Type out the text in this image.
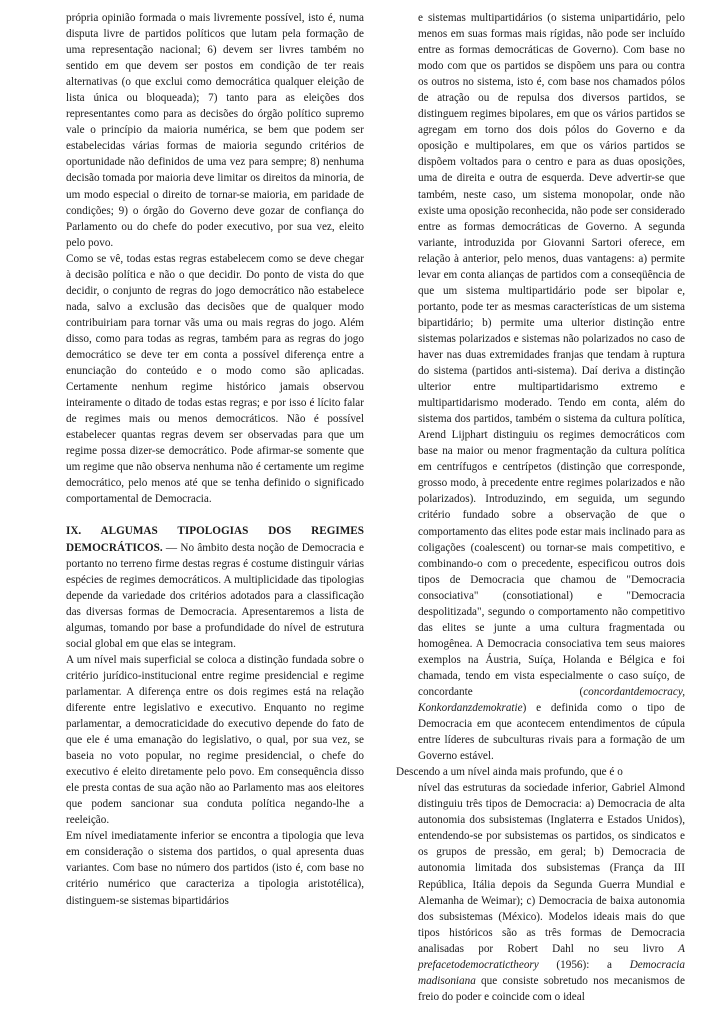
própria opinião formada o mais livremente possível, isto é, numa disputa livre de partidos políticos que lutam pela formação de uma representação nacional; 6) devem ser livres também no sentido em que devem ser postos em condição de ter reais alternativas (o que exclui como democrática qualquer eleição de lista única ou bloqueada); 7) tanto para as eleições dos representantes como para as decisões do órgão político supremo vale o princípio da maioria numérica, se bem que podem ser estabelecidas várias formas de maioria segundo critérios de oportunidade não definidos de uma vez para sempre; 8) nenhuma decisão tomada por maioria deve limitar os direitos da minoria, de um modo especial o direito de tornar-se maioria, em paridade de condições; 9) o órgão do Governo deve gozar de confiança do Parlamento ou do chefe do poder executivo, por sua vez, eleito pelo povo.

Como se vê, todas estas regras estabelecem como se deve chegar à decisão política e não o que decidir. Do ponto de vista do que decidir, o conjunto de regras do jogo democrático não estabelece nada, salvo a exclusão das decisões que de qualquer modo contribuiriam para tornar vãs uma ou mais regras do jogo. Além disso, como para todas as regras, também para as regras do jogo democrático se deve ter em conta a possível diferença entre a enunciação do conteúdo e o modo como são aplicadas. Certamente nenhum regime histórico jamais observou inteiramente o ditado de todas estas regras; e por isso é lícito falar de regimes mais ou menos democráticos. Não é possível estabelecer quantas regras devem ser observadas para que um regime possa dizer-se democrático. Pode afirmar-se somente que um regime que não observa nenhuma não é certamente um regime democrático, pelo menos até que se tenha definido o significado comportamental de Democracia.

IX. ALGUMAS TIPOLOGIAS DOS REGIMES DEMOCRÁTICOS. — No âmbito desta noção de Democracia e portanto no terreno firme destas regras é costume distinguir várias espécies de regimes democráticos. A multiplicidade das tipologias depende da variedade dos critérios adotados para a classificação das diversas formas de Democracia. Apresentaremos a lista de algumas, tomando por base a profundidade do nível de estrutura social global em que elas se integram.

A um nível mais superficial se coloca a distinção fundada sobre o critério jurídico-institucional entre regime presidencial e regime parlamentar. A diferença entre os dois regimes está na relação diferente entre legislativo e executivo. Enquanto no regime parlamentar, a democraticidade do executivo depende do fato de que ele é uma emanação do legislativo, o qual, por sua vez, se baseia no voto popular, no regime presidencial, o chefe do executivo é eleito diretamente pelo povo. Em consequência disso ele presta contas de sua ação não ao Parlamento mas aos eleitores que podem sancionar sua conduta política negando-lhe a reeleição.

Em nível imediatamente inferior se encontra a tipologia que leva em consideração o sistema dos partidos, o qual apresenta duas variantes. Com base no número dos partidos (isto é, com base no critério numérico que caracteriza a tipologia aristotélica), distinguem-se sistemas bipartidários

e sistemas multipartidários (o sistema unipartidário, pelo menos em suas formas mais rígidas, não pode ser incluído entre as formas democráticas de Governo). Com base no modo com que os partidos se dispõem uns para ou contra os outros no sistema, isto é, com base nos chamados pólos de atração ou de repulsa dos diversos partidos, se distinguem regimes bipolares, em que os vários partidos se agregam em torno dos dois pólos do Governo e da oposição e multipolares, em que os vários partidos se dispõem voltados para o centro e para as duas oposições, uma de direita e outra de esquerda. Deve advertir-se que também, neste caso, um sistema monopolar, onde não existe uma oposição reconhecida, não pode ser considerado entre as formas democráticas de Governo. A segunda variante, introduzida por Giovanni Sartori oferece, em relação à anterior, pelo menos, duas vantagens: a) permite levar em conta alianças de partidos com a conseqüência de que um sistema multipartidário pode ser bipolar e, portanto, pode ter as mesmas características de um sistema bipartidário; b) permite uma ulterior distinção entre sistemas polarizados e sistemas não polarizados no caso de haver nas duas extremidades franjas que tendam à ruptura do sistema (partidos anti-sistema). Daí deriva a distinção ulterior entre multipartidarismo extremo e multipartidarismo moderado. Tendo em conta, além do sistema dos partidos, também o sistema da cultura política, Arend Lijphart distinguiu os regimes democráticos com base na maior ou menor fragmentação da cultura política em centrífugos e centrípetos (distinção que corresponde, grosso modo, à precedente entre regimes polarizados e não polarizados). Introduzindo, em seguida, um segundo critério fundado sobre a observação de que o comportamento das elites pode estar mais inclinado para as coligações (coalescent) ou tornar-se mais competitivo, e combinando-o com o precedente, especificou outros dois tipos de Democracia que chamou de "Democracia consociativa" (consotiational) e "Democracia despolitizada", segundo o comportamento não competitivo das elites se junte a uma cultura fragmentada ou homogênea. A Democracia consociativa tem seus maiores exemplos na Áustria, Suíça, Holanda e Bélgica e foi chamada, tendo em vista especialmente o caso suíço, de concordante (concordantdemocracy, Konkordanzdemokratie) e definida como o tipo de Democracia em que acontecem entendimentos de cúpula entre líderes de subculturas rivais para a formação de um Governo estável.

Descendo a um nível ainda mais profundo, que é o

nível das estruturas da sociedade inferior, Gabriel Almond distinguiu três tipos de Democracia: a) Democracia de alta autonomia dos subsistemas (Inglaterra e Estados Unidos), entendendo-se por subsistemas os partidos, os sindicatos e os grupos de pressão, em geral; b) Democracia de autonomia limitada dos subsistemas (França da III República, Itália depois da Segunda Guerra Mundial e Alemanha de Weimar); c) Democracia de baixa autonomia dos subsistemas (México). Modelos ideais mais do que tipos históricos são as três formas de Democracia analisadas por Robert Dahl no seu livro A prefacetodemocratictheory (1956): a Democracia madisoniana que consiste sobretudo nos mecanismos de freio do poder e coincide com o ideal
